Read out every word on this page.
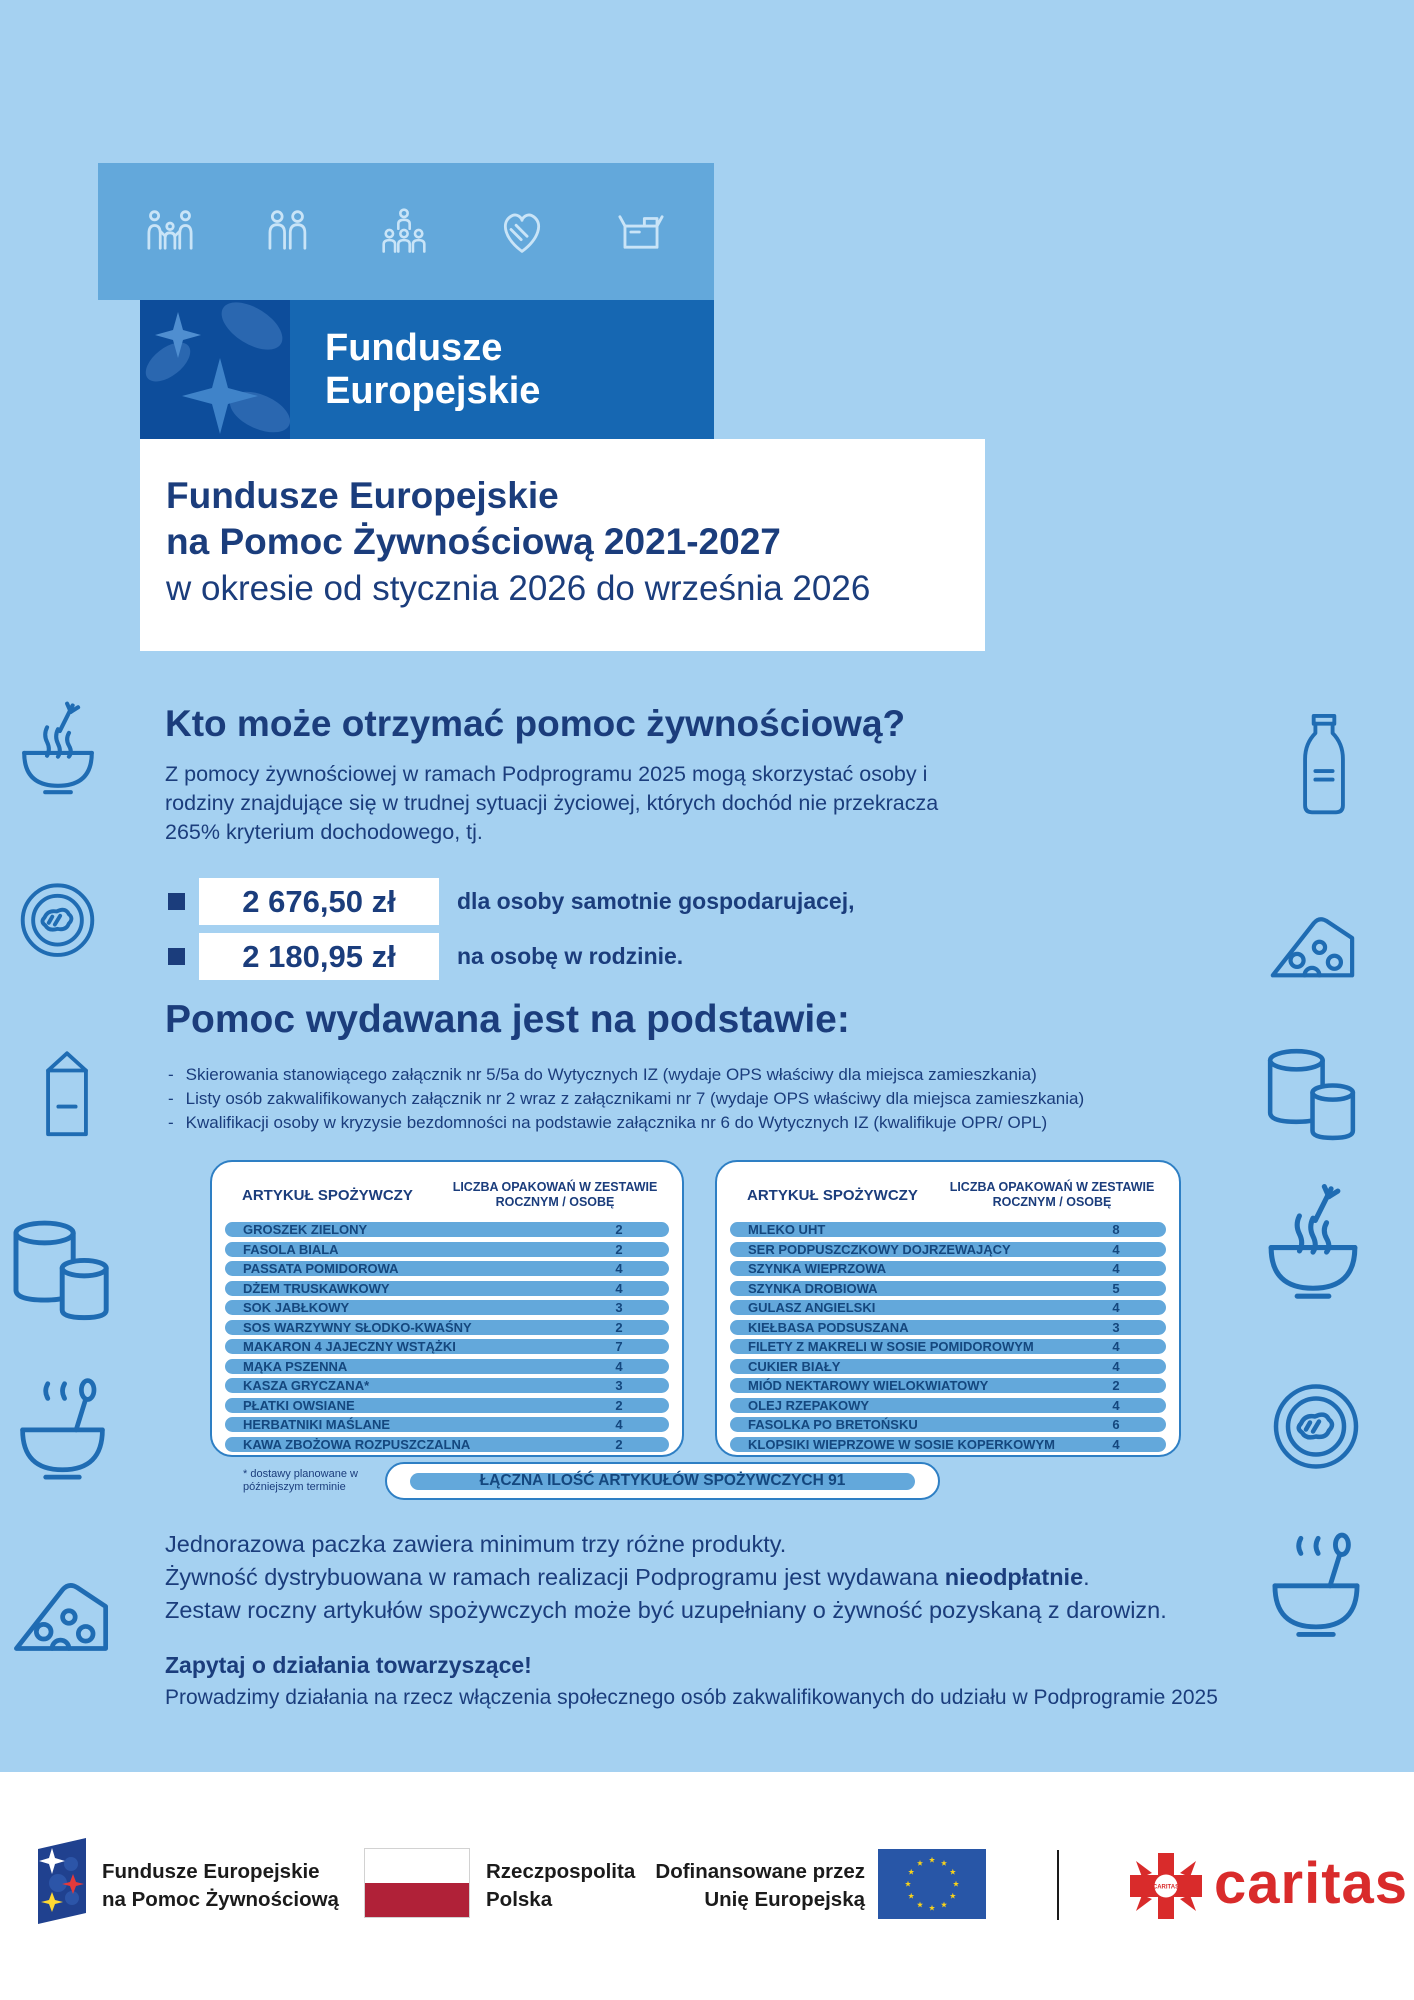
Fundusze Europejskie
Fundusze Europejskie
na Pomoc Żywnościową 2021-2027
w okresie od stycznia 2026 do września 2026
Kto może otrzymać pomoc żywnościową?

Z pomocy żywnościowej w ramach Podprogramu 2025 mogą skorzystać osoby i rodziny znajdujące się w trudnej sytuacji życiowej, których dochód nie przekracza 265% kryterium dochodowego, tj.

2 676,50 zł	dla osoby samotnie gospodarujacej,
2 180,95 zł	na osobę w rodzinie.
Pomoc wydawana jest na podstawie:
- Skierowania stanowiącego załącznik nr 5/5a do Wytycznych IZ (wydaje OPS właściwy dla miejsca zamieszkania)
- Listy osób zakwalifikowanych załącznik nr 2 wraz z załącznikami nr 7 (wydaje OPS właściwy dla miejsca zamieszkania)
- Kwalifikacji osoby w kryzysie bezdomności na podstawie załącznika nr 6 do Wytycznych IZ (kwalifikuje OPR/ OPL)
ARTYKUŁ SPOŻYWCZY	LICZBA OPAKOWAŃ W ZESTAWIE ROCZNYM / OSOBĘ
GROSZEK ZIELONY	2
FASOLA BIALA	2
PASSATA POMIDOROWA	4
DŻEM TRUSKAWKOWY	4
SOK JABŁKOWY	3
SOS WARZYWNY SŁODKO-KWAŚNY	2
MAKARON 4 JAJECZNY WSTĄŻKI	7
MĄKA PSZENNA	4
KASZA GRYCZANA*	3
PŁATKI OWSIANE	2
HERBATNIKI MAŚLANE	4
KAWA ZBOŻOWA ROZPUSZCZALNA	2
ARTYKUŁ SPOŻYWCZY	LICZBA OPAKOWAŃ W ZESTAWIE ROCZNYM / OSOBĘ
MLEKO UHT	8
SER PODPUSZCZKOWY DOJRZEWAJĄCY	4
SZYNKA WIEPRZOWA	4
SZYNKA DROBIOWA	5
GULASZ ANGIELSKI	4
KIEŁBASA PODSUSZANA	3
FILETY Z MAKRELI W SOSIE POMIDOROWYM	4
CUKIER BIAŁY	4
MIÓD NEKTAROWY WIELOKWIATOWY	2
OLEJ RZEPAKOWY	4
FASOLKA PO BRETOŃSKU	6
KLOPSIKI WIEPRZOWE W SOSIE KOPERKOWYM	4
* dostawy planowane w późniejszym terminie	ŁĄCZNA ILOŚĆ ARTYKUŁÓW SPOŻYWCZYCH 91
Jednorazowa paczka zawiera minimum trzy różne produkty.
Żywność dystrybuowana w ramach realizacji Podprogramu jest wydawana nieodpłatnie.
Zestaw roczny artykułów spożywczych może być uzupełniany o żywność pozyskaną z darowizn.
Zapytaj o działania towarzyszące!

Prowadzimy działania na rzecz włączenia społecznego osób zakwalifikowanych do udziału w Podprogramie 2025

Fundusze Europejskie
na Pomoc Żywnościową
Rzeczpospolita
Polska
Dofinansowane przez
Unię Europejską
CARITAS caritas
